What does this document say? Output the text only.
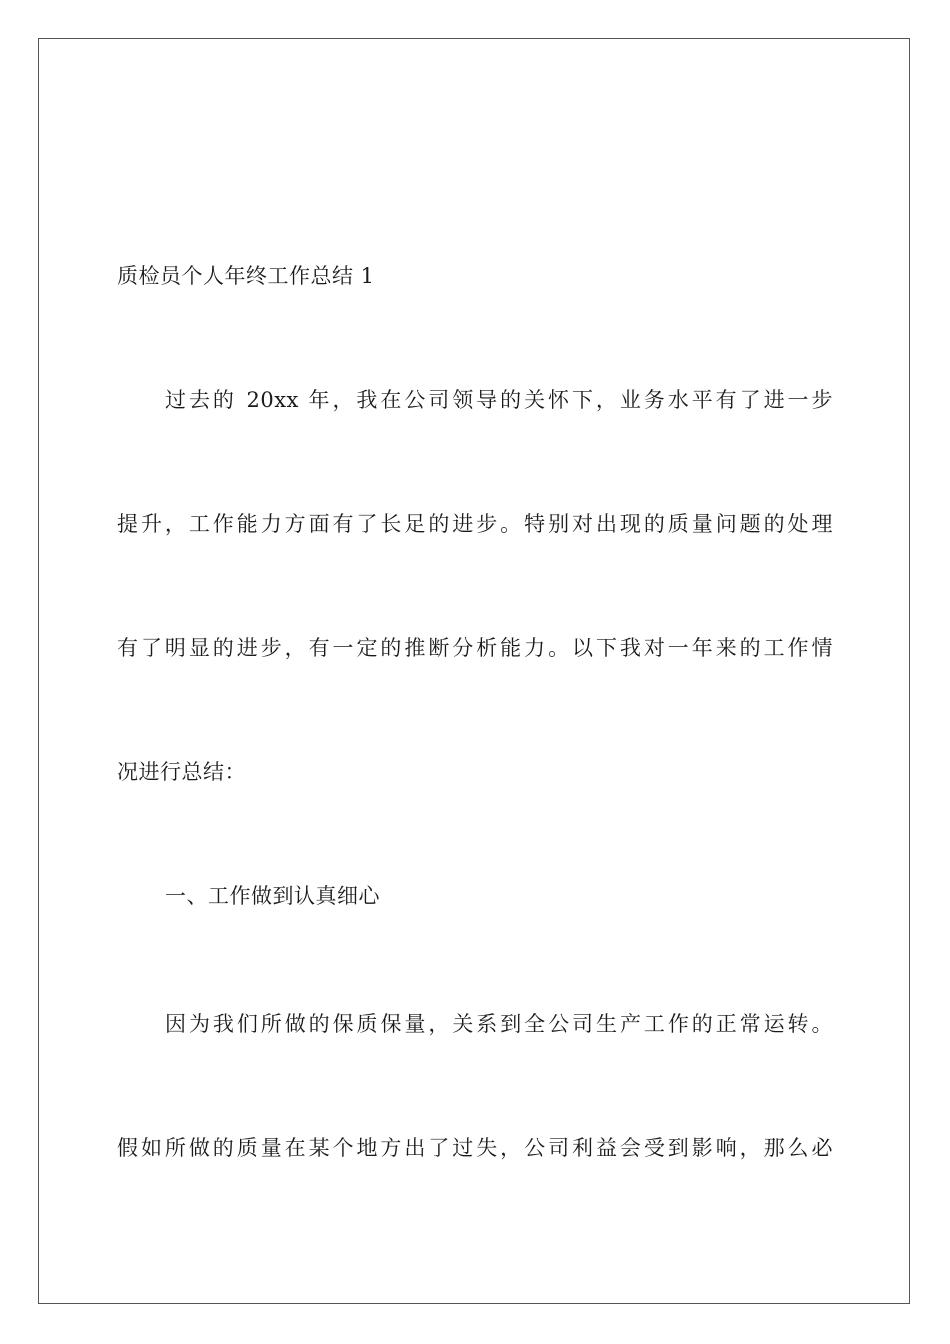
质检员个人年终工作总结 1
过去的 20xx 年，我在公司领导的关怀下，业务水平有了进一步
提升，工作能力方面有了长足的进步。特别对出现的质量问题的处理
有了明显的进步，有一定的推断分析能力。以下我对一年来的工作情
况进行总结：
一、工作做到认真细心
因为我们所做的保质保量，关系到全公司生产工作的正常运转。
假如所做的质量在某个地方出了过失，公司利益会受到影响，那么必
